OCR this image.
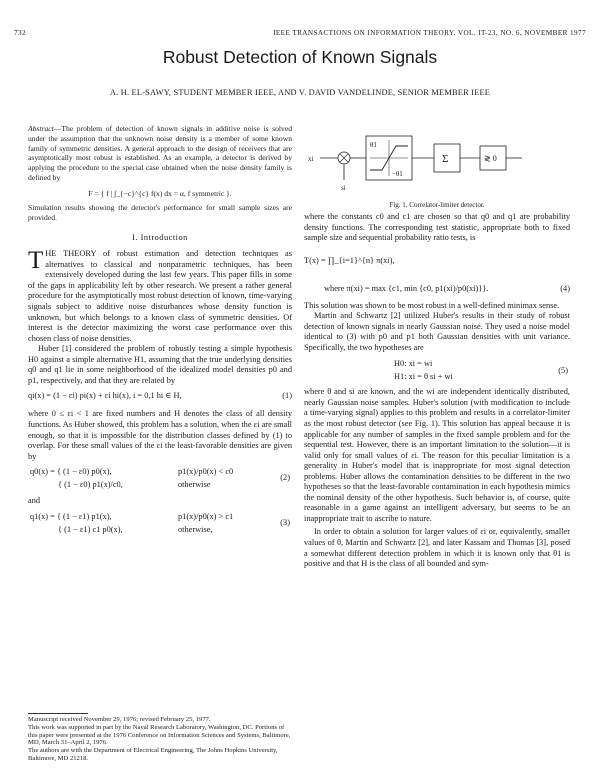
732	IEEE TRANSACTIONS ON INFORMATION THEORY, VOL. IT-23, NO. 6, NOVEMBER 1977
Robust Detection of Known Signals
A. H. EL-SAWY, STUDENT MEMBER IEEE, AND V. DAVID VANDELINDE, SENIOR MEMBER IEEE

Abstract—The problem of detection of known signals in additive noise is solved under the assumption that the unknown noise density is a member of some known family of symmetric densities. A general approach to the design of receivers that are asymptotically most robust is established. As an example, a detector is derived by applying the procedure to the special case obtained when the noise density family is defined by

F = { f | ∫_{−c}^{c} f(x) dx = α, f symmetric }.

Simulation results showing the detector's performance for small sample sizes are provided.

I. Introduction

THE THEORY of robust estimation and detection techniques as alternatives to classical and nonparametric techniques, has been extensively developed during the last few years. This paper fills in some of the gaps in applicability left by other research. We present a rather general procedure for the asymptotically most robust detection of known, time-varying signals subject to additive noise disturbances whose density function is unknown, but which belongs to a known class of symmetric densities. Of interest is the detector maximizing the worst case performance over this chosen class of noise densities.

Huber [1] considered the problem of robustly testing a simple hypothesis H0 against a simple alternative H1, assuming that the true underlying densities q0 and q1 lie in some neighborhood of the idealized model densities p0 and p1, respectively, and that they are related by

qi(x) = (1 − εi) pi(x) + εi hi(x), i = 0,1 hi ∈ H,	(1)

where 0 ≤ εi < 1 are fixed numbers and H denotes the class of all density functions. As Huber showed, this problem has a solution, when the εi are small enough, so that it is impossible for the distribution classes defined by (1) to overlap. For these small values of the εi the least-favorable densities are given by

q0(x) = { (1 − ε0) p0(x),	p1(x)/p0(x) < c0
{ (1 − ε0) p1(x)/c0,	otherwise
(2)

and

q1(x) = { (1 − ε1) p1(x),	p1(x)/p0(x) > c1
{ (1 − ε1) c1 p0(x),	otherwise,
(3)
Manuscript received November 29, 1976; revised February 25, 1977.
This work was supported in part by the Naval Research Laboratory, Washington, DC. Portions of this paper were presented at the 1976 Conference on Information Sciences and Systems, Baltimore, MD, March 31–April 2, 1976.
The authors are with the Department of Electrical Engineering, The Johns Hopkins University, Baltimore, MD 21218.
xi
si
θ1
−θ1
Σ	≷ 0
Fig. 1. Correlator-limiter detector.

where the constants c0 and c1 are chosen so that q0 and q1 are probability density functions. The corresponding test statistic, appropriate both to fixed sample size and sequential probability ratio tests, is

T(x) = ∏_{i=1}^{n} π(xi),
where π(xi) = max {c1, min {c0, p1(xi)/p0(xi)}}.	(4)

This solution was shown to be most robust in a well-defined minimax sense.

Martin and Schwartz [2] utilized Huber's results in their study of robust detection of known signals in nearly Gaussian noise. They used a noise model identical to (3) with p0 and p1 both Gaussian densities with unit variance. Specifically, the two hypotheses are

H0: xi = wi
H1: xi = θ si + wi
(5)

where θ and si are known, and the wi are independent identically distributed, nearly Gaussian noise samples. Huber's solution (with modification to include a time-varying signal) applies to this problem and results in a correlator-limiter as the most robust detector (see Fig. 1). This solution has appeal because it is applicable for any number of samples in the fixed sample problem and for the sequential test. However, there is an important limitation to the solution—it is valid only for small values of εi. The reason for this peculiar limitation is a generality in Huber's model that is inappropriate for most signal detection problems. Huber allows the contamination densities to be different in the two hypotheses so that the least-favorable contamination in each hypothesis mimics the nominal density of the other hypothesis. Such behavior is, of course, quite reasonable in a game against an intelligent adversary, but seems to be an inappropriate trait to ascribe to nature.

In order to obtain a solution for larger values of εi or, equivalently, smaller values of θ, Martin and Schwartz [2], and later Kassam and Thomas [3], posed a somewhat different detection problem in which it is known only that θ1 is positive and that H is the class of all bounded and sym-
